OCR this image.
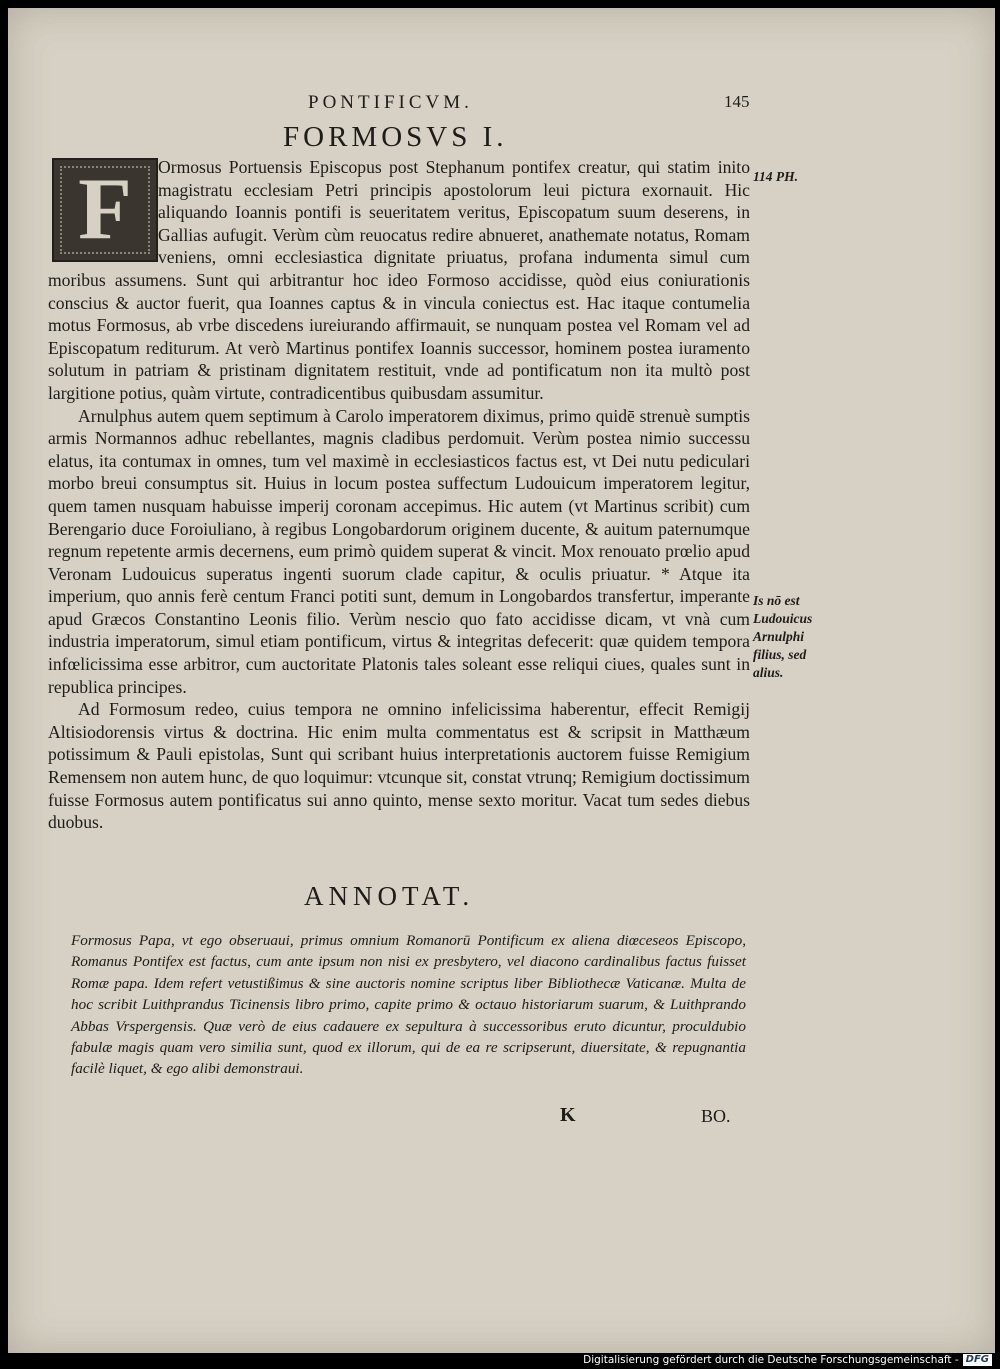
PONTIFICVM.	145
FORMOSVS I.

Ormosus Portuensis Episcopus post Stephanum pontifex creatur, qui statim inito magistratu ecclesiam Petri principis apostolorum leui pictura exornauit. Hic aliquando Ioannis pontifi is seueritatem veritus, Episcopatum suum deserens, in Gallias aufugit. Verùm cùm reuocatus redire abnueret, anathemate notatus, Romam veniens, omni ecclesiastica dignitate priuatus, profana indumenta simul cum moribus assumens. Sunt qui arbitrantur hoc ideo Formoso accidisse, quòd eius coniurationis conscius & auctor fuerit, qua Ioannes captus & in vincula coniectus est. Hac itaque contumelia motus Formosus, ab vrbe discedens iureiurando affirmauit, se nunquam postea vel Romam vel ad Episcopatum rediturum. At verò Martinus pontifex Ioannis successor, hominem postea iuramento solutum in patriam & pristinam dignitatem restituit, vnde ad pontificatum non ita multò post largitione potius, quàm virtute, contradicentibus quibusdam assumitur.

Arnulphus autem quem septimum à Carolo imperatorem diximus, primo quidē strenuè sumptis armis Normannos adhuc rebellantes, magnis cladibus perdomuit. Verùm postea nimio successu elatus, ita contumax in omnes, tum vel maximè in ecclesiasticos factus est, vt Dei nutu pediculari morbo breui consumptus sit. Huius in locum postea suffectum Ludouicum imperatorem legitur, quem tamen nusquam habuisse imperij coronam accepimus. Hic autem (vt Martinus scribit) cum Berengario duce Foroiuliano, à regibus Longobardorum originem ducente, & auitum paternumque regnum repetente armis decernens, eum primò quidem superat & vincit. Mox renouato prœlio apud Veronam Ludouicus superatus ingenti suorum clade capitur, & oculis priuatur. * Atque ita imperium, quo annis ferè centum Franci potiti sunt, demum in Longobardos transfertur, imperante apud Græcos Constantino Leonis filio. Verùm nescio quo fato accidisse dicam, vt vnà cum industria imperatorum, simul etiam pontificum, virtus & integritas defecerit: quæ quidem tempora infœlicissima esse arbitror, cum auctoritate Platonis tales soleant esse reliqui ciues, quales sunt in republica principes.

Ad Formosum redeo, cuius tempora ne omnino infelicissima haberentur, effecit Remigij Altisiodorensis virtus & doctrina. Hic enim multa commentatus est & scripsit in Matthæum potissimum & Pauli epistolas, Sunt qui scribant huius interpretationis auctorem fuisse Remigium Remensem non autem hunc, de quo loquimur: vtcunque sit, constat vtrunq; Remigium doctissimum fuisse Formosus autem pontificatus sui anno quinto, mense sexto moritur. Vacat tum sedes diebus duobus.

F	114 PH.
Is nō est Ludouicus Arnulphi filius, sed alius.
ANNOTAT.
Formosus Papa, vt ego obseruaui, primus omnium Romanorū Pontificum ex aliena diœceseos Episcopo, Romanus Pontifex est factus, cum ante ipsum non nisi ex presbytero, vel diacono cardinalibus factus fuisset Romæ papa. Idem refert vetustißimus & sine auctoris nomine scriptus liber Bibliothecæ Vaticanæ. Multa de hoc scribit Luithprandus Ticinensis libro primo, capite primo & octauo historiarum suarum, & Luithprando Abbas Vrspergensis. Quæ verò de eius cadauere ex sepultura à successoribus eruto dicuntur, proculdubio fabulæ magis quam vero similia sunt, quod ex illorum, qui de ea re scripserunt, diuersitate, & repugnantia facilè liquet, & ego alibi demonstraui.
K	BO.
Digitalisierung gefördert durch die Deutsche Forschungsgemeinschaft - DFG
